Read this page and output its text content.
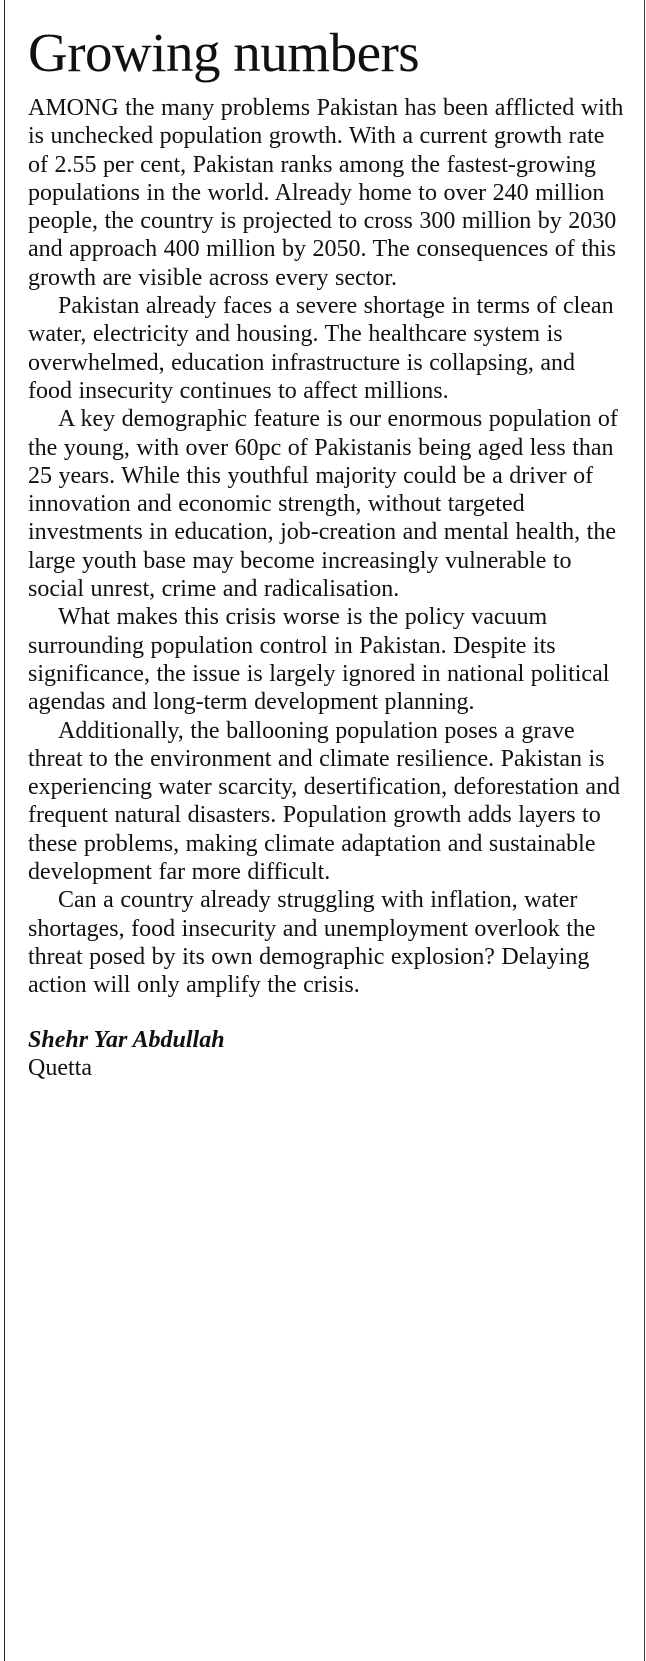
Growing numbers

AMONG the many problems Pakistan has been afflicted with is unchecked population growth. With a current growth rate of 2.55 per cent, Pakistan ranks among the fastest-growing populations in the world. Already home to over 240 million people, the country is projected to cross 300 million by 2030 and approach 400 million by 2050. The consequences of this growth are visible across every sector.

Pakistan already faces a severe shortage in terms of clean water, electricity and housing. The healthcare system is overwhelmed, education infrastructure is collapsing, and food insecurity continues to affect millions.

A key demographic feature is our enormous population of the young, with over 60pc of Pakistanis being aged less than 25 years. While this youthful majority could be a driver of innovation and economic strength, without targeted investments in education, job-creation and mental health, the large youth base may become increasingly vulnerable to social unrest, crime and radicalisation.

What makes this crisis worse is the policy vacuum surrounding population control in Pakistan. Despite its significance, the issue is largely ignored in national political agendas and long-term development planning.

Additionally, the ballooning population poses a grave threat to the environment and climate resilience. Pakistan is experiencing water scarcity, desertification, deforestation and frequent natural disasters. Population growth adds layers to these problems, making climate adaptation and sustainable development far more difficult.

Can a country already struggling with inflation, water shortages, food insecurity and unemployment overlook the threat posed by its own demographic explosion? Delaying action will only amplify the crisis.

Shehr Yar Abdullah
Quetta
